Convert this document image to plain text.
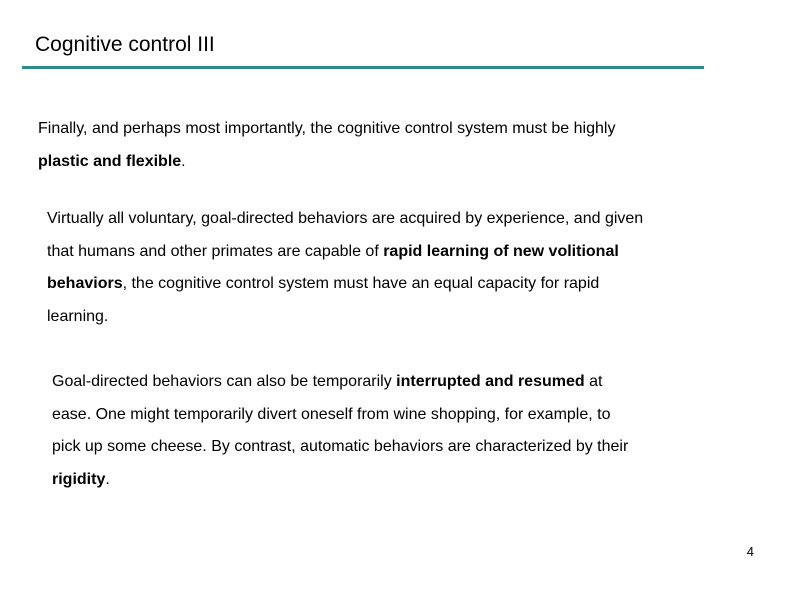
Cognitive control III
Finally, and perhaps most importantly, the cognitive control system must be highly
plastic and flexible.
Virtually all voluntary, goal-directed behaviors are acquired by experience, and given
that humans and other primates are capable of rapid learning of new volitional
behaviors, the cognitive control system must have an equal capacity for rapid
learning.
Goal-directed behaviors can also be temporarily interrupted and resumed at
ease. One might temporarily divert oneself from wine shopping, for example, to
pick up some cheese. By contrast, automatic behaviors are characterized by their
rigidity.
4
